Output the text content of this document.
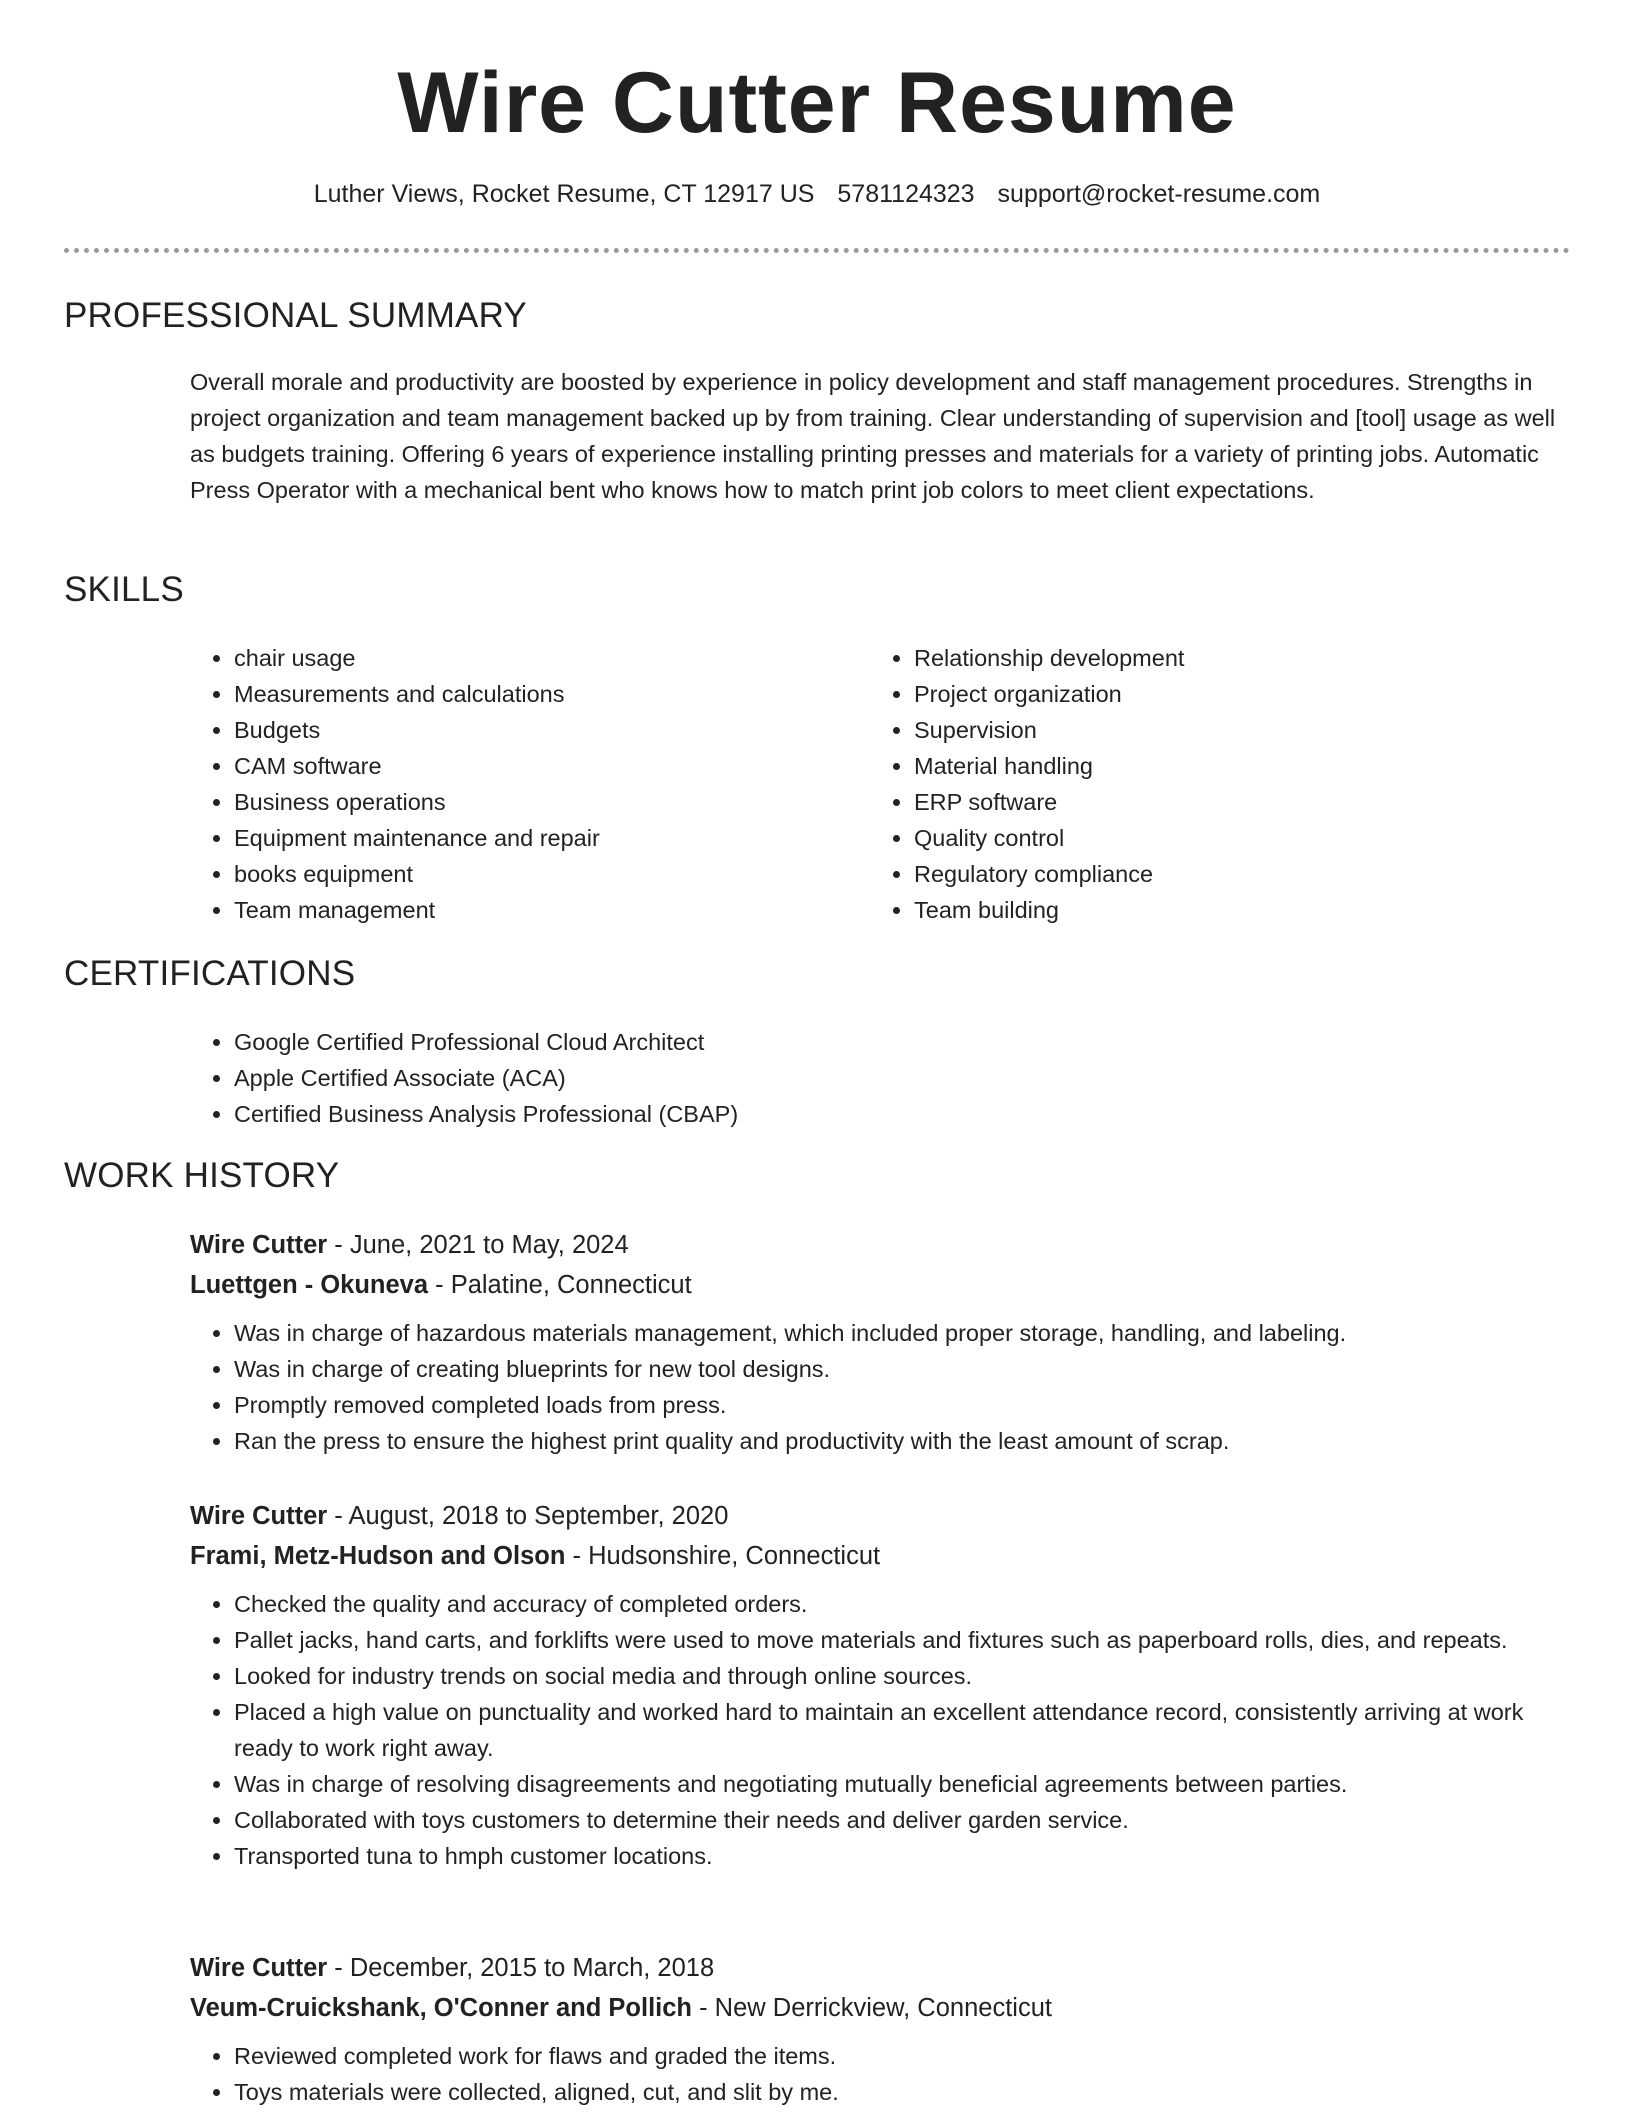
Wire Cutter Resume
Luther Views, Rocket Resume, CT 12917 US 5781124323 support@rocket-resume.com
PROFESSIONAL SUMMARY

Overall morale and productivity are boosted by experience in policy development and staff management procedures. Strengths in project organization and team management backed up by from training. Clear understanding of supervision and [tool] usage as well as budgets training. Offering 6 years of experience installing printing presses and materials for a variety of printing jobs. Automatic Press Operator with a mechanical bent who knows how to match print job colors to meet client expectations.

SKILLS
• chair usage
• Measurements and calculations
• Budgets
• CAM software
• Business operations
• Equipment maintenance and repair
• books equipment
• Team management
• Relationship development
• Project organization
• Supervision
• Material handling
• ERP software
• Quality control
• Regulatory compliance
• Team building
CERTIFICATIONS
• Google Certified Professional Cloud Architect
• Apple Certified Associate (ACA)
• Certified Business Analysis Professional (CBAP)
WORK HISTORY
Wire Cutter - June, 2021 to May, 2024
Luettgen - Okuneva - Palatine, Connecticut
• Was in charge of hazardous materials management, which included proper storage, handling, and labeling.
• Was in charge of creating blueprints for new tool designs.
• Promptly removed completed loads from press.
• Ran the press to ensure the highest print quality and productivity with the least amount of scrap.
Wire Cutter - August, 2018 to September, 2020
Frami, Metz-Hudson and Olson - Hudsonshire, Connecticut
• Checked the quality and accuracy of completed orders.
• Pallet jacks, hand carts, and forklifts were used to move materials and fixtures such as paperboard rolls, dies, and repeats.
• Looked for industry trends on social media and through online sources.
• Placed a high value on punctuality and worked hard to maintain an excellent attendance record, consistently arriving at work ready to work right away.
• Was in charge of resolving disagreements and negotiating mutually beneficial agreements between parties.
• Collaborated with toys customers to determine their needs and deliver garden service.
• Transported tuna to hmph customer locations.
Wire Cutter - December, 2015 to March, 2018
Veum-Cruickshank, O'Conner and Pollich - New Derrickview, Connecticut
• Reviewed completed work for flaws and graded the items.
• Toys materials were collected, aligned, cut, and slit by me.
